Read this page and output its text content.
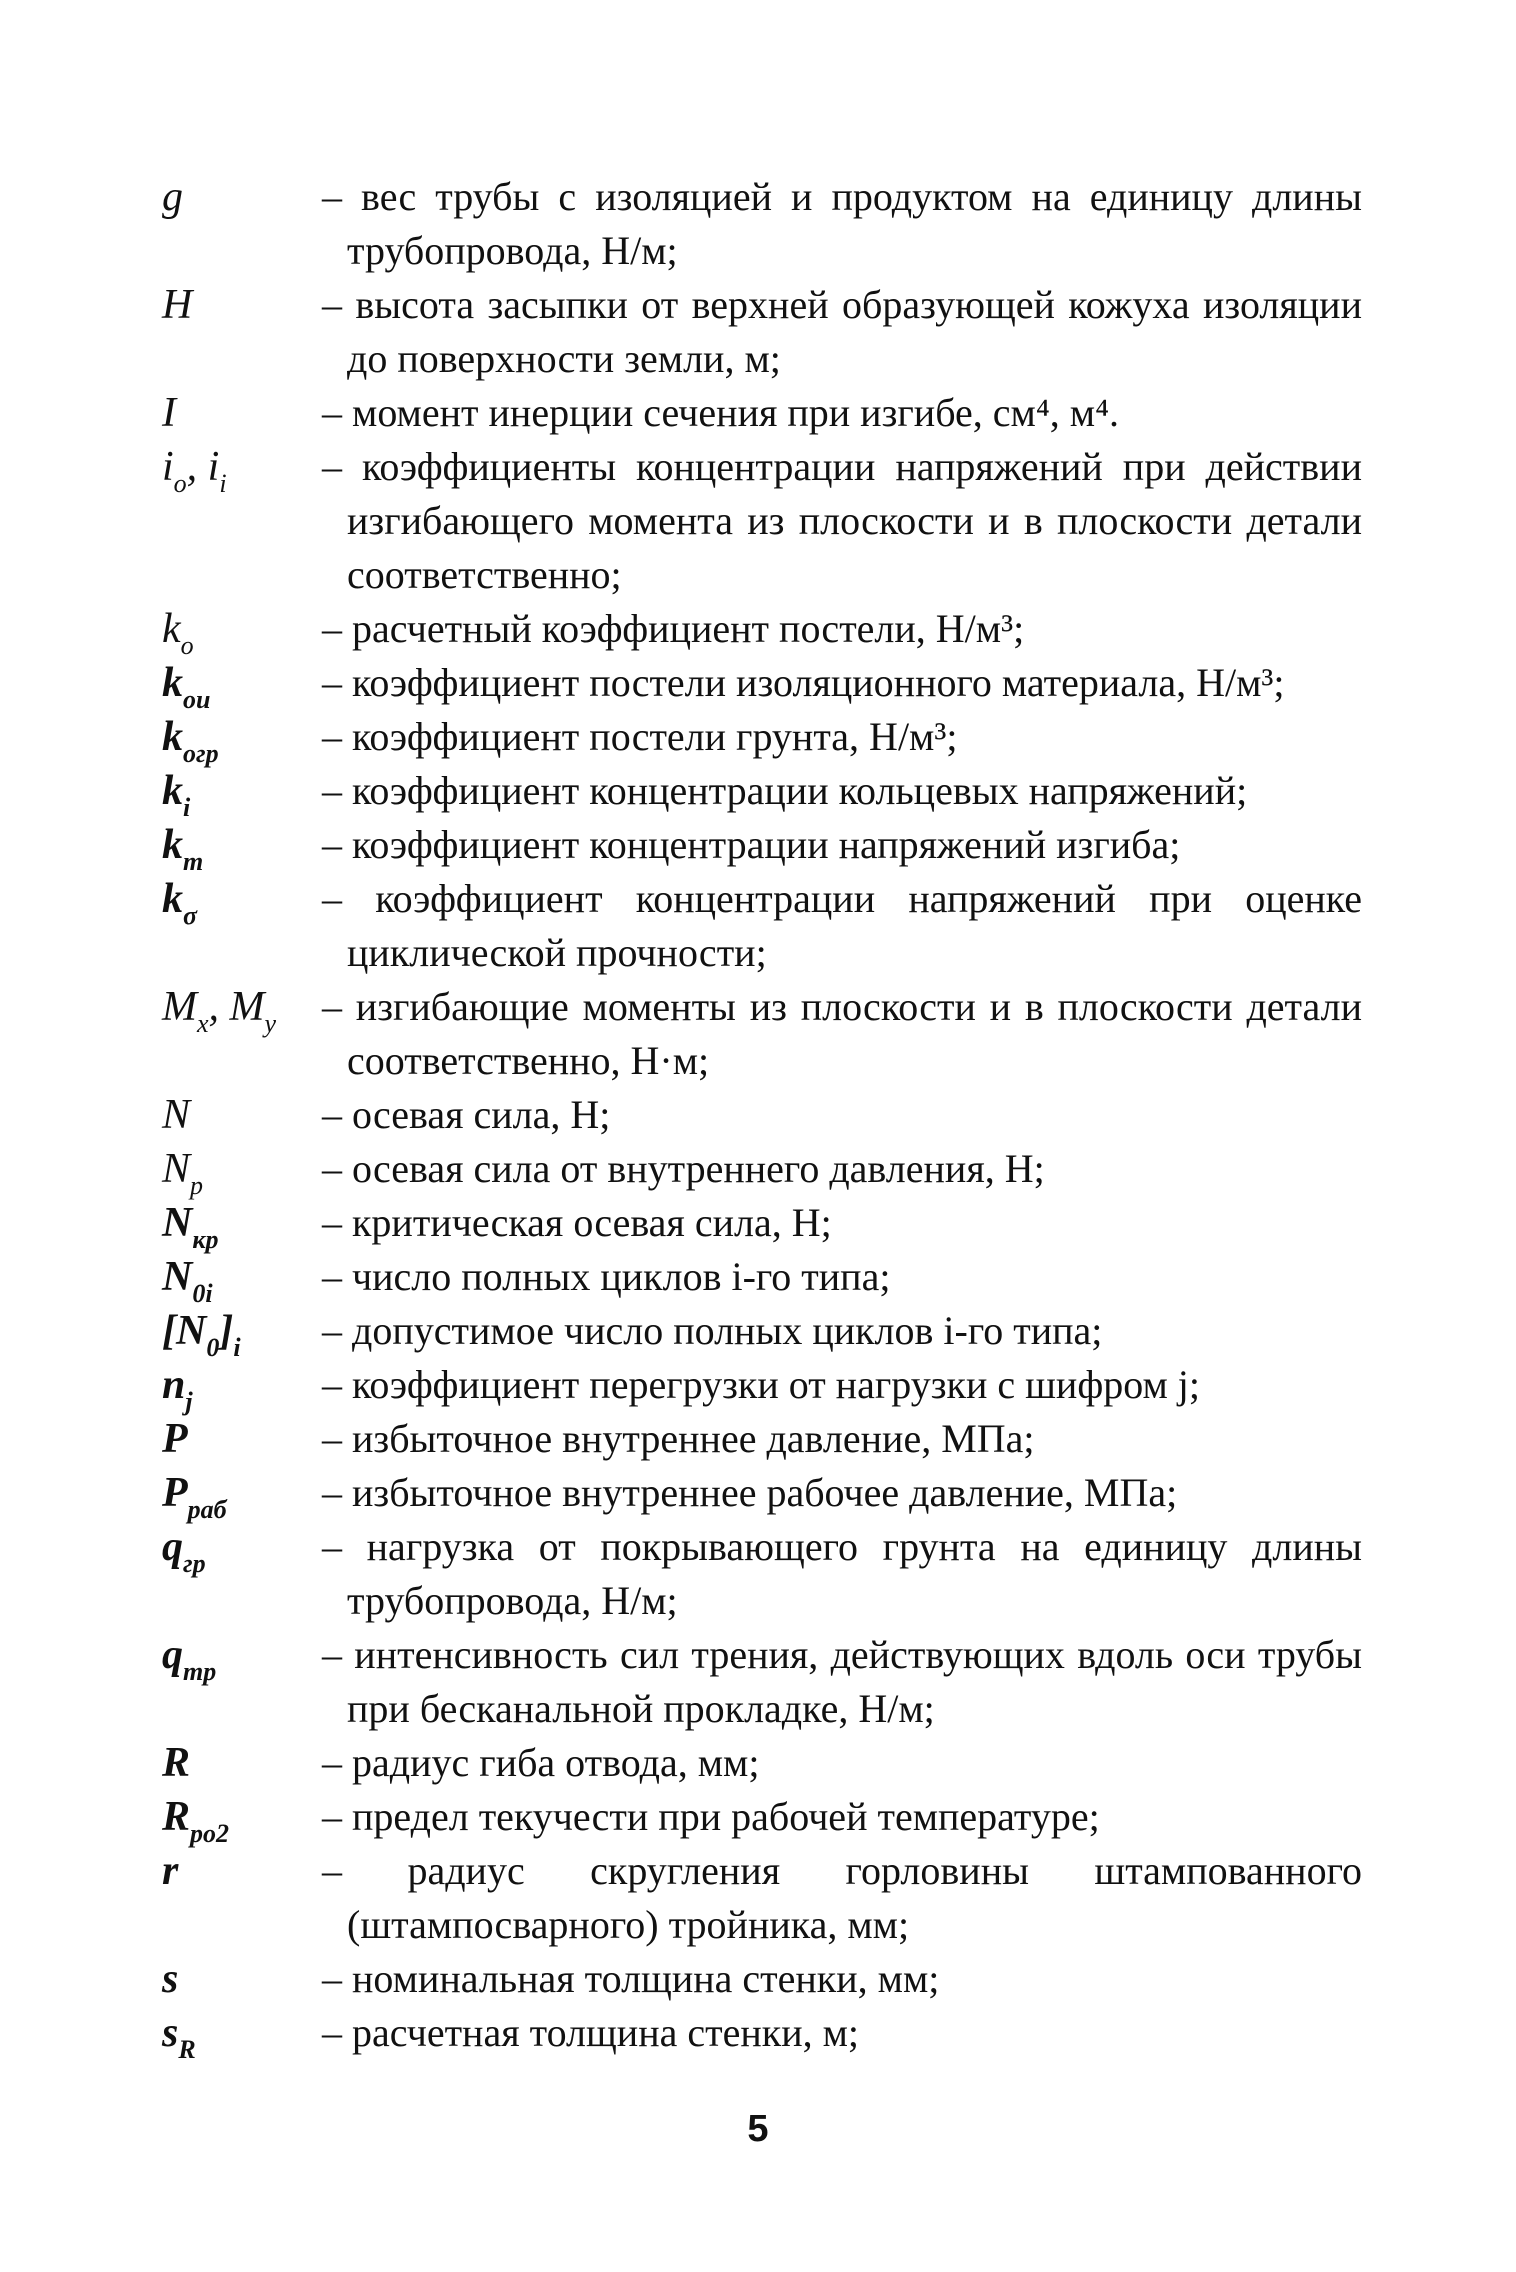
g	– вес трубы с изоляцией и продуктом на единицу длины трубопровода, Н/м;
H	– высота засыпки от верхней образующей кожуха изоляции до поверхности земли, м;
I	– момент инерции сечения при изгибе, см⁴, м⁴.
$i_o$, $i_i$	– коэффициенты концентрации напряжений при действии изгибающего момента из плоскости и в плоскости детали соответственно;
$k_o$	– расчетный коэффициент постели, Н/м³;
$k_{ои}$	– коэффициент постели изоляционного материала, Н/м³;
$k_{огр}$	– коэффициент постели грунта, Н/м³;
$k_i$	– коэффициент концентрации кольцевых напряжений;
$k_m$	– коэффициент концентрации напряжений изгиба;
$k_\sigma$	– коэффициент концентрации напряжений при оценке циклической прочности;
$M_x$, $M_y$	– изгибающие моменты из плоскости и в плоскости детали соответственно, Н·м;
N	– осевая сила, Н;
$N_p$	– осевая сила от внутреннего давления, Н;
$N_{кр}$	– критическая осевая сила, Н;
$N_{0i}$	– число полных циклов i-го типа;
$[N_0]_i$	– допустимое число полных циклов i-го типа;
$n_j$	– коэффициент перегрузки от нагрузки с шифром j;
P	– избыточное внутреннее давление, МПа;
$P_{раб}$	– избыточное внутреннее рабочее давление, МПа;
$q_{гр}$	– нагрузка от покрывающего грунта на единицу длины трубопровода, Н/м;
$q_{тр}$	– интенсивность сил трения, действующих вдоль оси трубы при бесканальной прокладке, Н/м;
R	– радиус гиба отвода, мм;
$R_{po2}$	– предел текучести при рабочей температуре;
r	– радиус скругления горловины штампованного (штампосварного) тройника, мм;
s	– номинальная толщина стенки, мм;
$s_R$	– расчетная толщина стенки, м;
5
